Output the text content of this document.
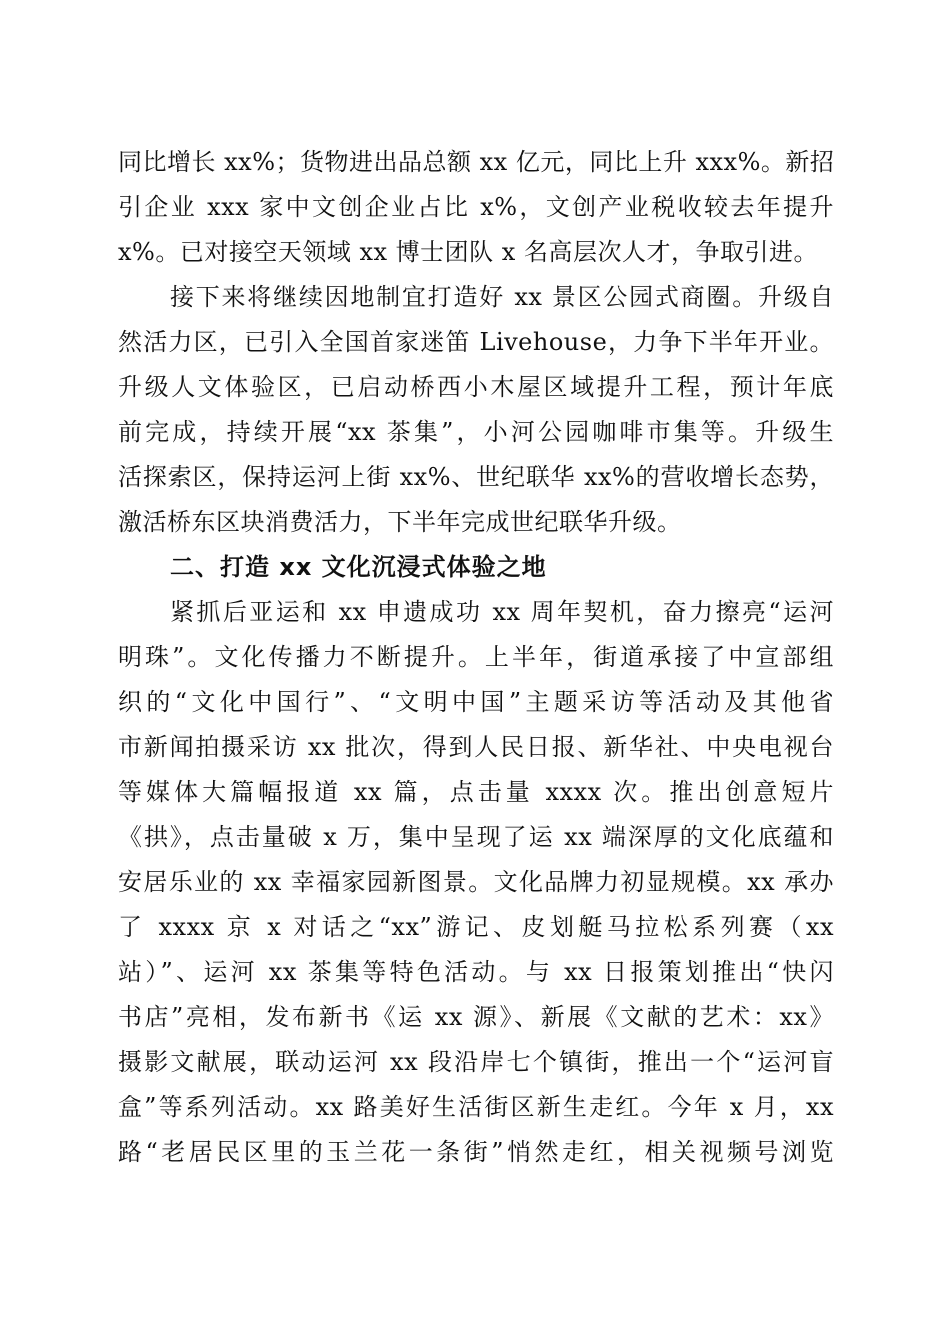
同比增长 xx%；货物进出品总额 xx 亿元，同比上升 xxx%。新招
引企业 xxx 家中文创企业占比 x%，文创产业税收较去年提升
x%。已对接空天领域 xx 博士团队 x 名高层次人才，争取引进。
接下来将继续因地制宜打造好 xx 景区公园式商圈。升级自
然活力区，已引入全国首家迷笛 Livehouse，力争下半年开业。
升级人文体验区，已启动桥西小木屋区域提升工程，预计年底
前完成，持续开展“xx 茶集”，小河公园咖啡市集等。升级生
活探索区，保持运河上街 xx%、世纪联华 xx%的营收增长态势，
激活桥东区块消费活力，下半年完成世纪联华升级。
二、打造 xx 文化沉浸式体验之地
紧抓后亚运和 xx 申遗成功 xx 周年契机，奋力擦亮“运河
明珠”。文化传播力不断提升。上半年，街道承接了中宣部组
织的“文化中国行”、“文明中国”主题采访等活动及其他省
市新闻拍摄采访 xx 批次，得到人民日报、新华社、中央电视台
等媒体大篇幅报道 xx 篇，点击量 xxxx 次。推出创意短片
《拱》，点击量破 x 万，集中呈现了运 xx 端深厚的文化底蕴和
安居乐业的 xx 幸福家园新图景。文化品牌力初显规模。xx 承办
了 xxxx 京 x 对话之“xx”游记、皮划艇马拉松系列赛（xx
站）”、运河 xx 茶集等特色活动。与 xx 日报策划推出“快闪
书店”亮相，发布新书《运 xx 源》、新展《文献的艺术：xx》
摄影文献展，联动运河 xx 段沿岸七个镇街，推出一个“运河盲
盒”等系列活动。xx 路美好生活街区新生走红。今年 x 月，xx
路“老居民区里的玉兰花一条街”悄然走红，相关视频号浏览
